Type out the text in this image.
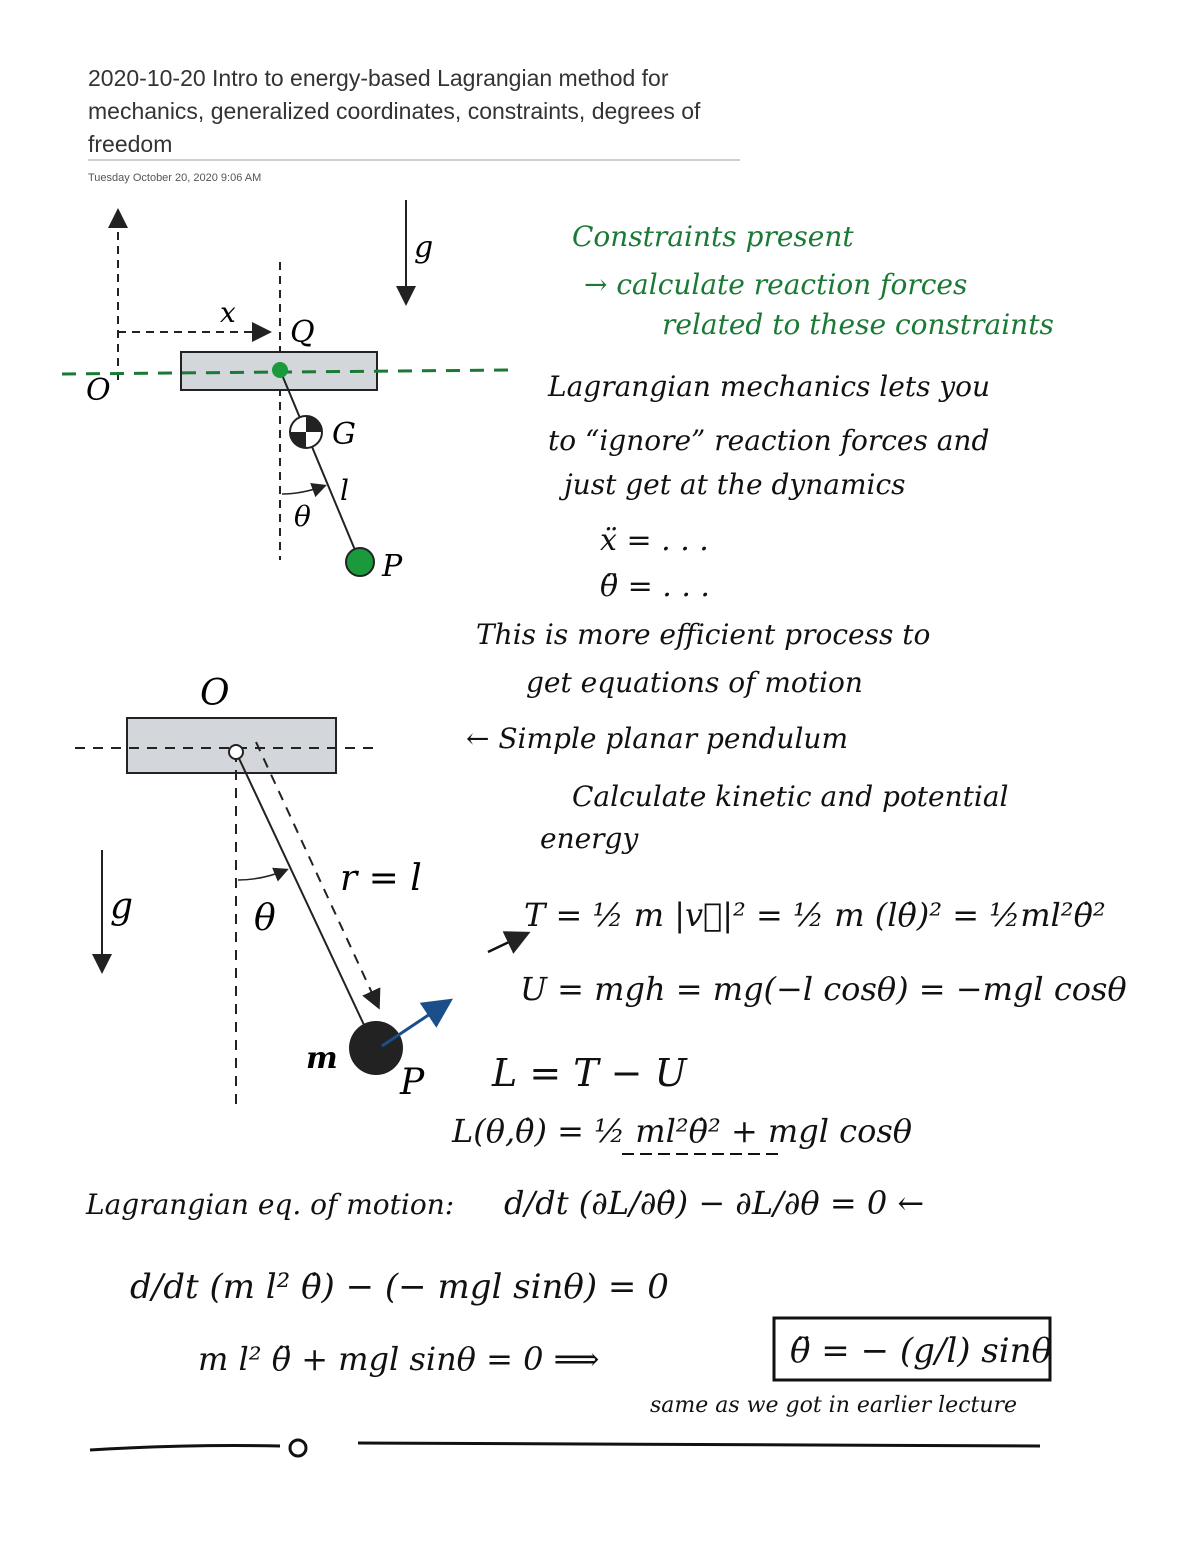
2020-10-20 Intro to energy-based Lagrangian method for mechanics, generalized coordinates, constraints, degrees of freedom
Tuesday October 20, 2020 9:06 AM
g
x
Q
O
G
l
θ
P
O
g
r = l
θ
m
P
Constraints present
→ calculate reaction forces
related to these constraints
Lagrangian mechanics lets you
to “ignore” reaction forces and
just get at the dynamics
ẍ = . . .
θ̈ = . . .
This is more efficient process to
get equations of motion
← Simple planar pendulum
Calculate kinetic and potential
energy
T = ½ m |v⃗|² = ½ m (lθ̇)² = ½ml²θ̇²
U = mgh = mg(−l cosθ) = −mgl cosθ
L = T − U
L(θ,θ̇) = ½ ml²θ̇² + mgl cosθ
Lagrangian eq. of motion: d/dt (∂L/∂θ̇) − ∂L/∂θ = 0 ←
d/dt (m l² θ̇) − (− mgl sinθ) = 0
m l² θ̈ + mgl sinθ = 0 ⟹	θ̈ = − (g/l) sinθ
same as we got in earlier lecture
